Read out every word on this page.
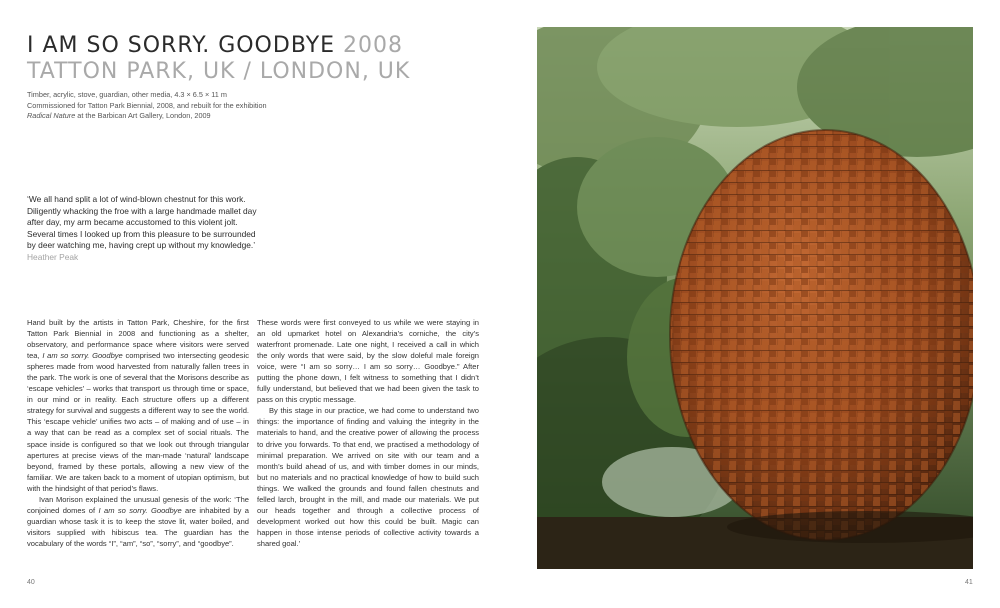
I AM SO SORRY. GOODBYE 2008
TATTON PARK, UK / LONDON, UK
Timber, acrylic, stove, guardian, other media, 4.3 × 6.5 × 11 m
Commissioned for Tatton Park Biennial, 2008, and rebuilt for the exhibition
Radical Nature at the Barbican Art Gallery, London, 2009

‘We all hand split a lot of wind-blown chestnut for this work. Diligently whacking the froe with a large handmade mallet day after day, my arm became accustomed to this violent jolt. Several times I looked up from this pleasure to be surrounded by deer watching me, having crept up without my knowledge.’

Heather Peak

Hand built by the artists in Tatton Park, Cheshire, for the first Tatton Park Biennial in 2008 and functioning as a shelter, observatory, and performance space where visitors were served tea, I am so sorry. Goodbye comprised two intersecting geodesic spheres made from wood harvested from naturally fallen trees in the park. The work is one of several that the Morisons describe as ‘escape vehicles’ – works that transport us through time or space, in our mind or in reality. Each structure offers up a different strategy for survival and suggests a different way to see the world. This ‘escape vehicle’ unifies two acts – of making and of use – in a way that can be read as a complex set of social rituals. The space inside is configured so that we look out through triangular apertures at precise views of the man-made ‘natural’ landscape beyond, framed by these portals, allowing a new view of the familiar. We are taken back to a moment of utopian optimism, but with the hindsight of that period’s flaws.

Ivan Morison explained the unusual genesis of the work: ‘The conjoined domes of I am so sorry. Goodbye are inhabited by a guardian whose task it is to keep the stove lit, water boiled, and visitors supplied with hibiscus tea. The guardian has the vocabulary of the words “I”, “am”, “so”, “sorry”, and “goodbye”.

40

These words were first conveyed to us while we were staying in an old upmarket hotel on Alexandria’s corniche, the city’s waterfront promenade. Late one night, I received a call in which the only words that were said, by the slow doleful male foreign voice, were “I am so sorry… I am so sorry… Goodbye.” After putting the phone down, I felt witness to something that I didn’t fully understand, but believed that we had been given the task to pass on this cryptic message.

By this stage in our practice, we had come to understand two things: the importance of finding and valuing the integrity in the materials to hand, and the creative power of allowing the process to drive you forwards. To that end, we practised a methodology of minimal preparation. We arrived on site with our team and a month’s build ahead of us, and with timber domes in our minds, but no materials and no practical knowledge of how to build such things. We walked the grounds and found fallen chestnuts and felled larch, brought in the mill, and made our materials. We put our heads together and through a collective process of development worked out how this could be built. Magic can happen in those intense periods of collective activity towards a shared goal.’

41
